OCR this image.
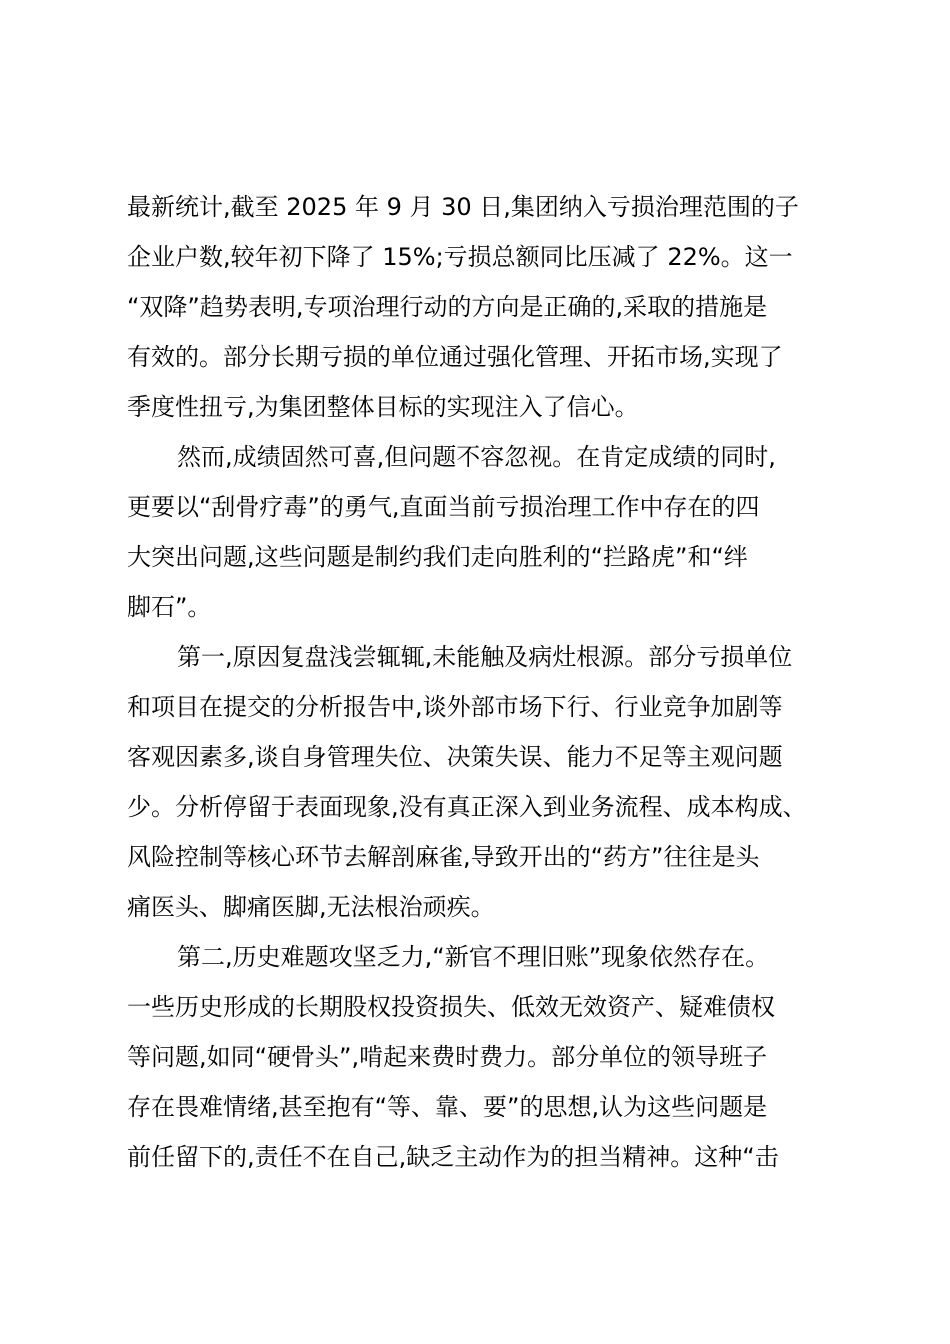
最新统计,截至 2025 年 9 月 30 日,集团纳入亏损治理范围的子
企业户数,较年初下降了 15%;亏损总额同比压减了 22%。这一
“双降”趋势表明,专项治理行动的方向是正确的,采取的措施是
有效的。部分长期亏损的单位通过强化管理、开拓市场,实现了
季度性扭亏,为集团整体目标的实现注入了信心。

然而,成绩固然可喜,但问题不容忽视。在肯定成绩的同时,
更要以“刮骨疗毒”的勇气,直面当前亏损治理工作中存在的四
大突出问题,这些问题是制约我们走向胜利的“拦路虎”和“绊
脚石”。

第一,原因复盘浅尝辄辄,未能触及病灶根源。部分亏损单位
和项目在提交的分析报告中,谈外部市场下行、行业竞争加剧等
客观因素多,谈自身管理失位、决策失误、能力不足等主观问题
少。分析停留于表面现象,没有真正深入到业务流程、成本构成、
风险控制等核心环节去解剖麻雀,导致开出的“药方”往往是头
痛医头、脚痛医脚,无法根治顽疾。

第二,历史难题攻坚乏力,“新官不理旧账”现象依然存在。
一些历史形成的长期股权投资损失、低效无效资产、疑难债权
等问题,如同“硬骨头”,啃起来费时费力。部分单位的领导班子
存在畏难情绪,甚至抱有“等、靠、要”的思想,认为这些问题是
前任留下的,责任不在自己,缺乏主动作为的担当精神。这种“击
